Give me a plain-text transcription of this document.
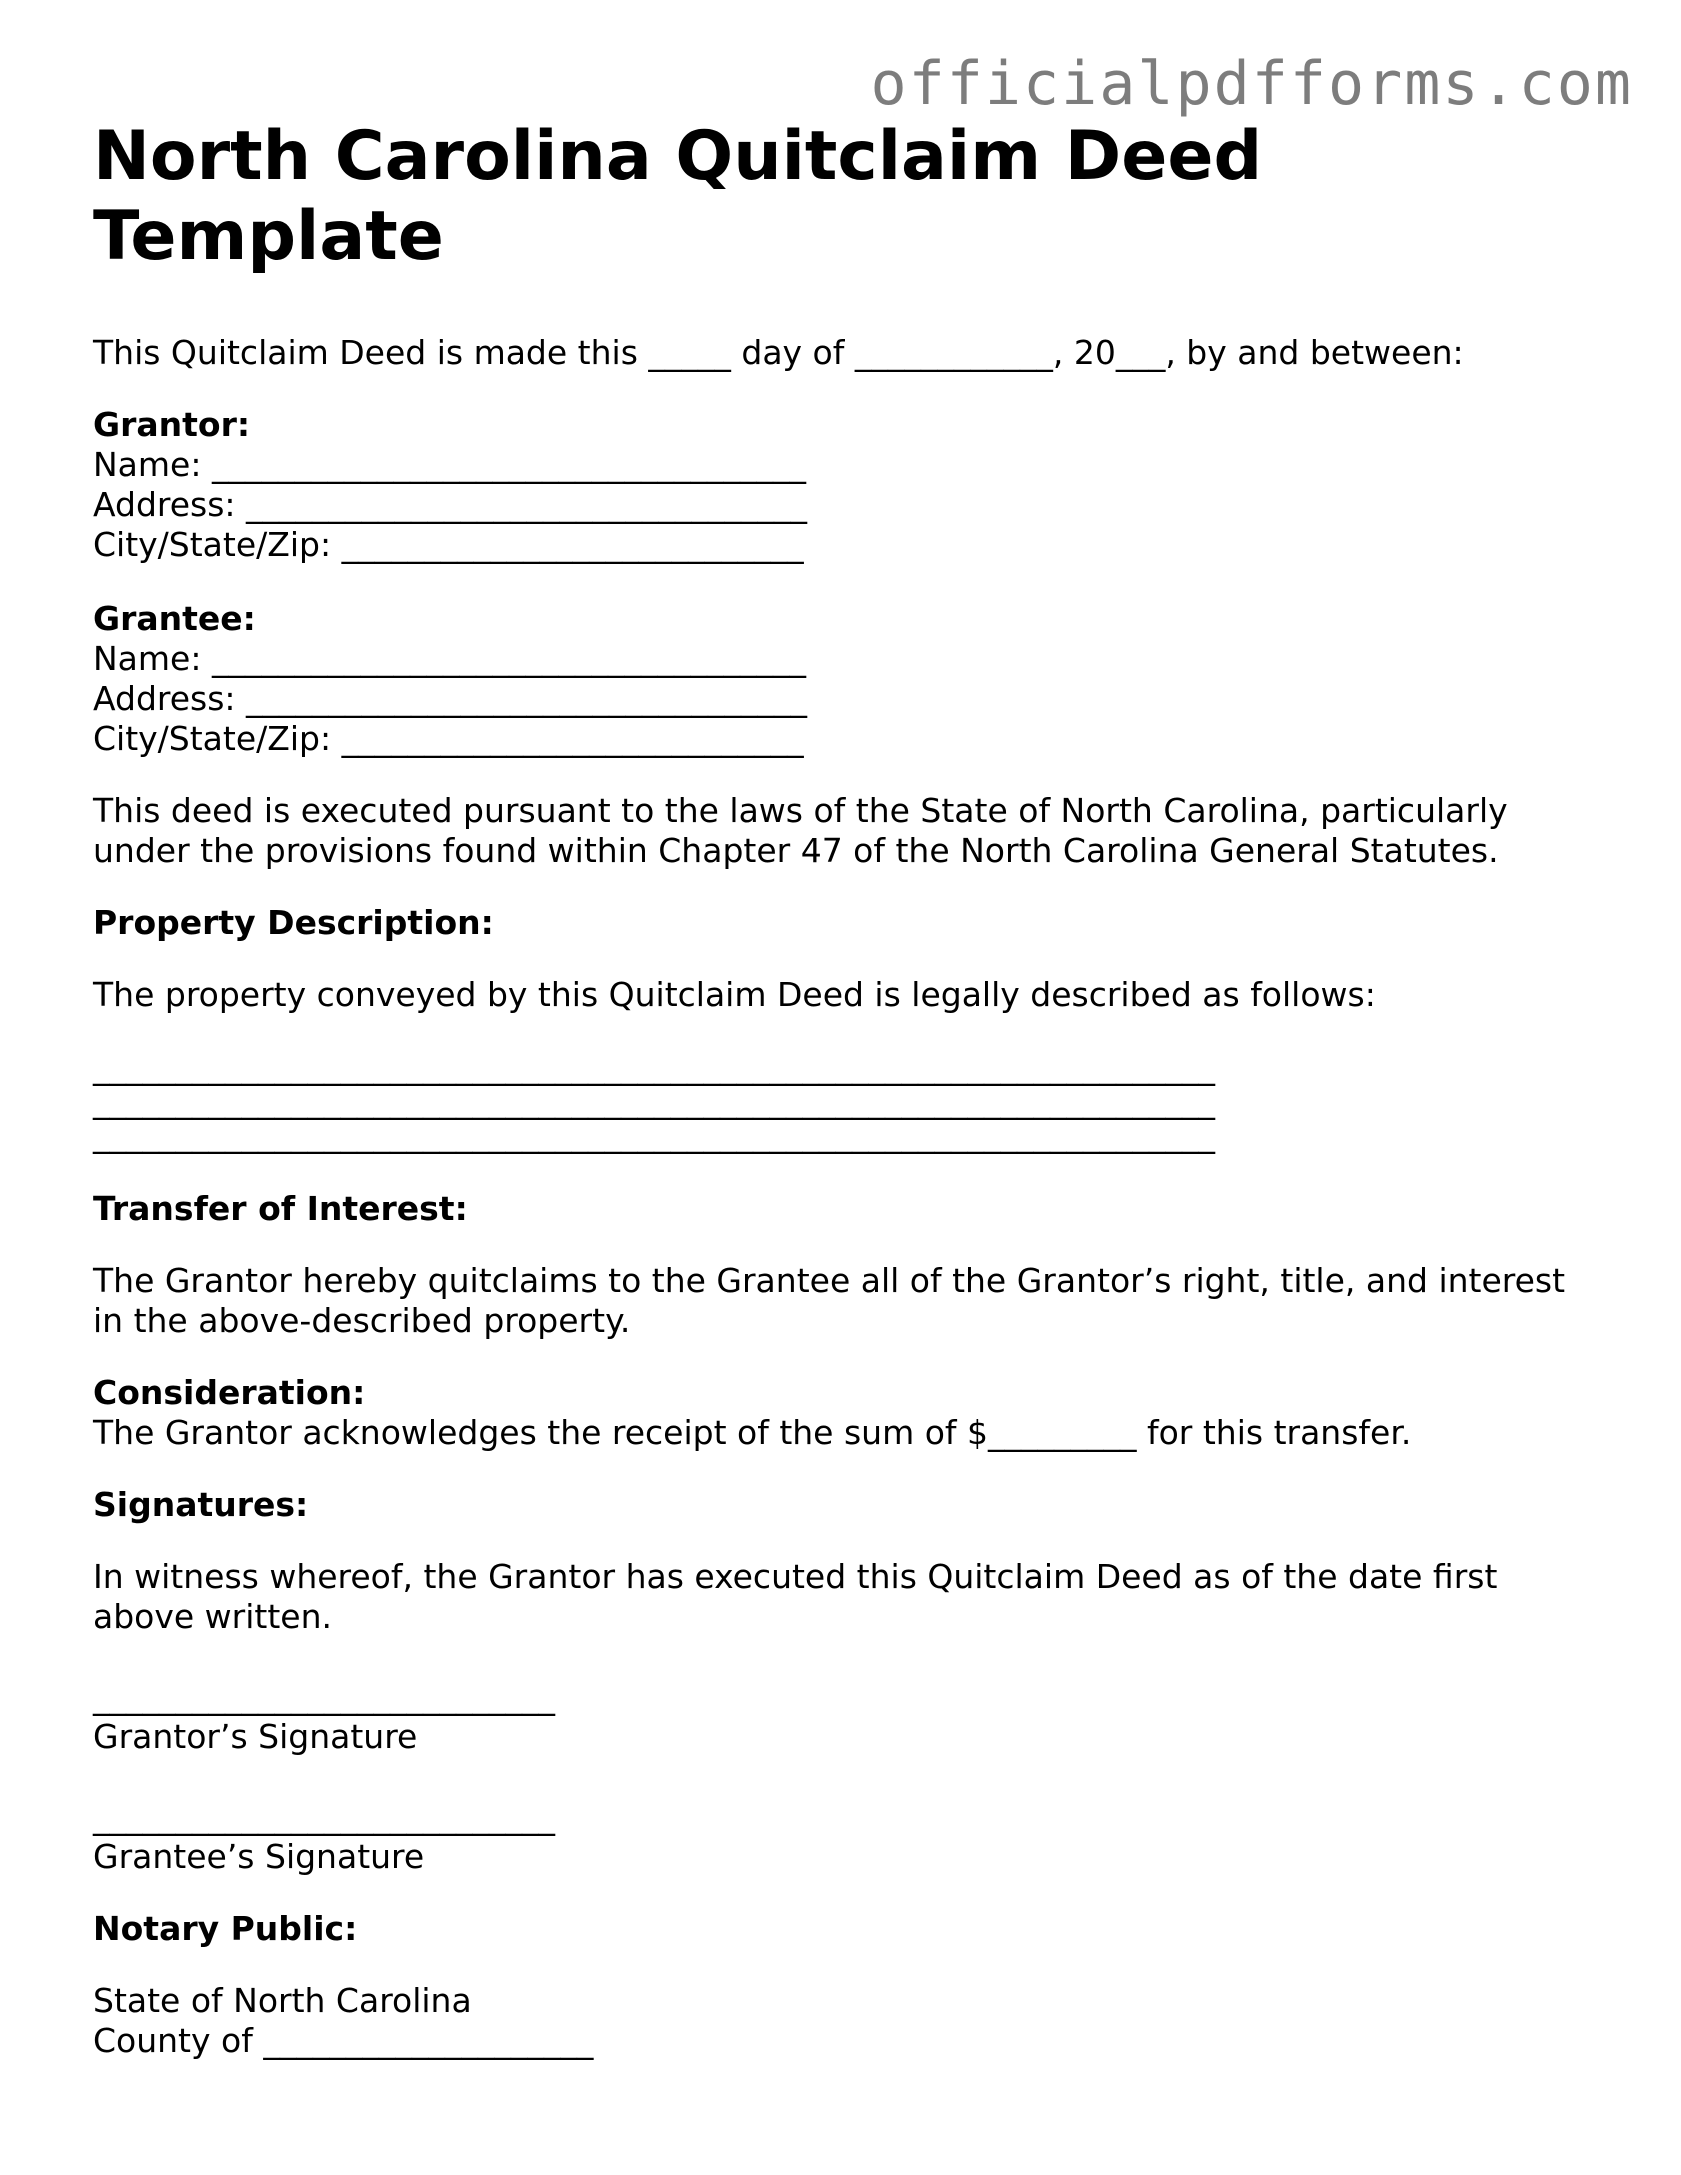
officialpdfforms.com
North Carolina Quitclaim Deed Template

This Quitclaim Deed is made this _____ day of ____________, 20___, by and between:

Grantor:

Name: ____________________________________

Address: __________________________________

City/State/Zip: ____________________________

Grantee:

Name: ____________________________________

Address: __________________________________

City/State/Zip: ____________________________

This deed is executed pursuant to the laws of the State of North Carolina, particularly

under the provisions found within Chapter 47 of the North Carolina General Statutes.

Property Description:

The property conveyed by this Quitclaim Deed is legally described as follows:

____________________________________________________________________

____________________________________________________________________

____________________________________________________________________

Transfer of Interest:

The Grantor hereby quitclaims to the Grantee all of the Grantor’s right, title, and interest

in the above-described property.

Consideration:

The Grantor acknowledges the receipt of the sum of $_________ for this transfer.

Signatures:

In witness whereof, the Grantor has executed this Quitclaim Deed as of the date first

above written.

____________________________

Grantor’s Signature

____________________________

Grantee’s Signature

Notary Public:

State of North Carolina

County of ____________________
